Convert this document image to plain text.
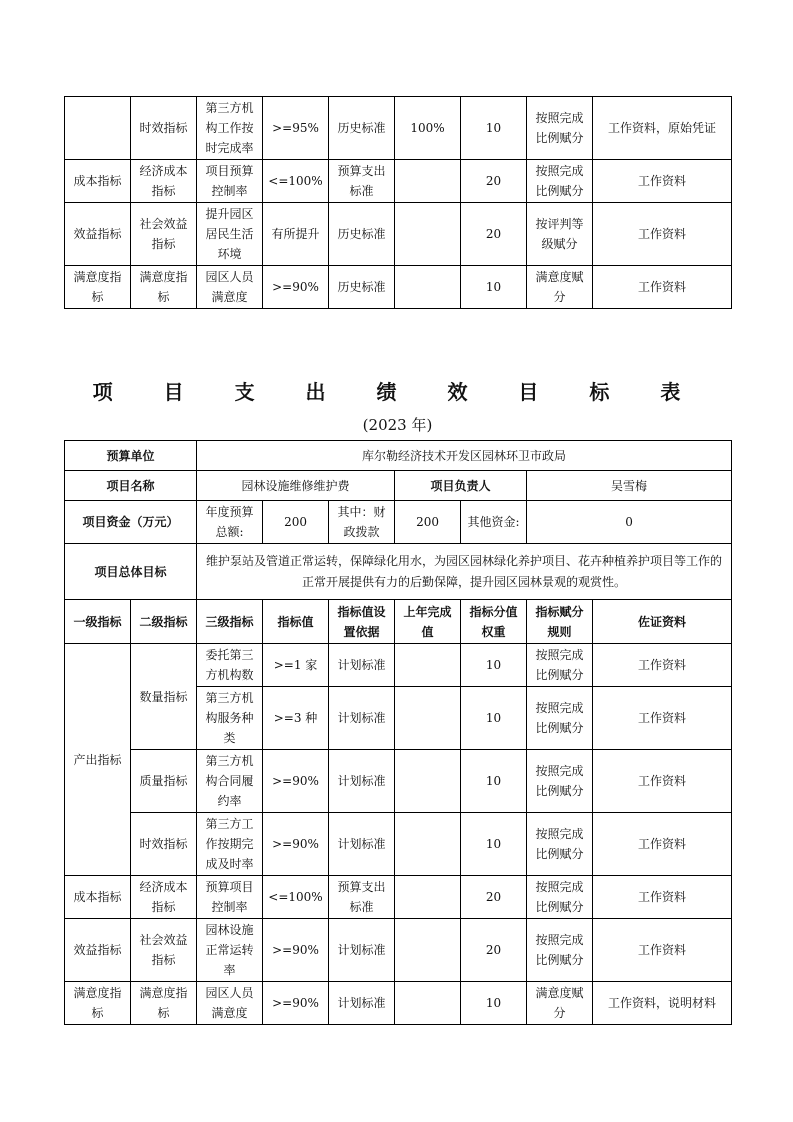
	时效指标	第三方机构工作按时完成率	>=95%	历史标准	100%	10	按照完成比例赋分	工作资料，原始凭证
成本指标	经济成本指标	项目预算控制率	<=100%	预算支出标准		20	按照完成比例赋分	工作资料
效益指标	社会效益指标	提升园区居民生活环境	有所提升	历史标准		20	按评判等级赋分	工作资料
满意度指标	满意度指标	园区人员满意度	>=90%	历史标准		10	满意度赋分	工作资料
项 目 支 出 绩 效 目 标 表
(2023 年)
预算单位		库尔勒经济技术开发区园林环卫市政局						
项目名称		园林设施维修维护费			项目负责人		吴雪梅	
项目资金（万元）		年度预算总额:	200	其中：财政拨款	200	其他资金:	0	
项目总体目标		维护泵站及管道正常运转，保障绿化用水，为园区园林绿化养护项目、花卉种植养护项目等工作的正常开展提供有力的后勤保障，提升园区园林景观的观赏性。						
一级指标	二级指标	三级指标	指标值	指标值设置依据	上年完成值	指标分值权重	指标赋分规则	佐证资料
产出指标	数量指标	委托第三方机构数	>=1 家	计划标准		10	按照完成比例赋分	工作资料
		第三方机构服务种类	>=3 种	计划标准		10	按照完成比例赋分	工作资料
	质量指标	第三方机构合同履约率	>=90%	计划标准		10	按照完成比例赋分	工作资料
	时效指标	第三方工作按期完成及时率	>=90%	计划标准		10	按照完成比例赋分	工作资料
成本指标	经济成本指标	预算项目控制率	<=100%	预算支出标准		20	按照完成比例赋分	工作资料
效益指标	社会效益指标	园林设施正常运转率	>=90%	计划标准		20	按照完成比例赋分	工作资料
满意度指标	满意度指标	园区人员满意度	>=90%	计划标准		10	满意度赋分	工作资料，说明材料
